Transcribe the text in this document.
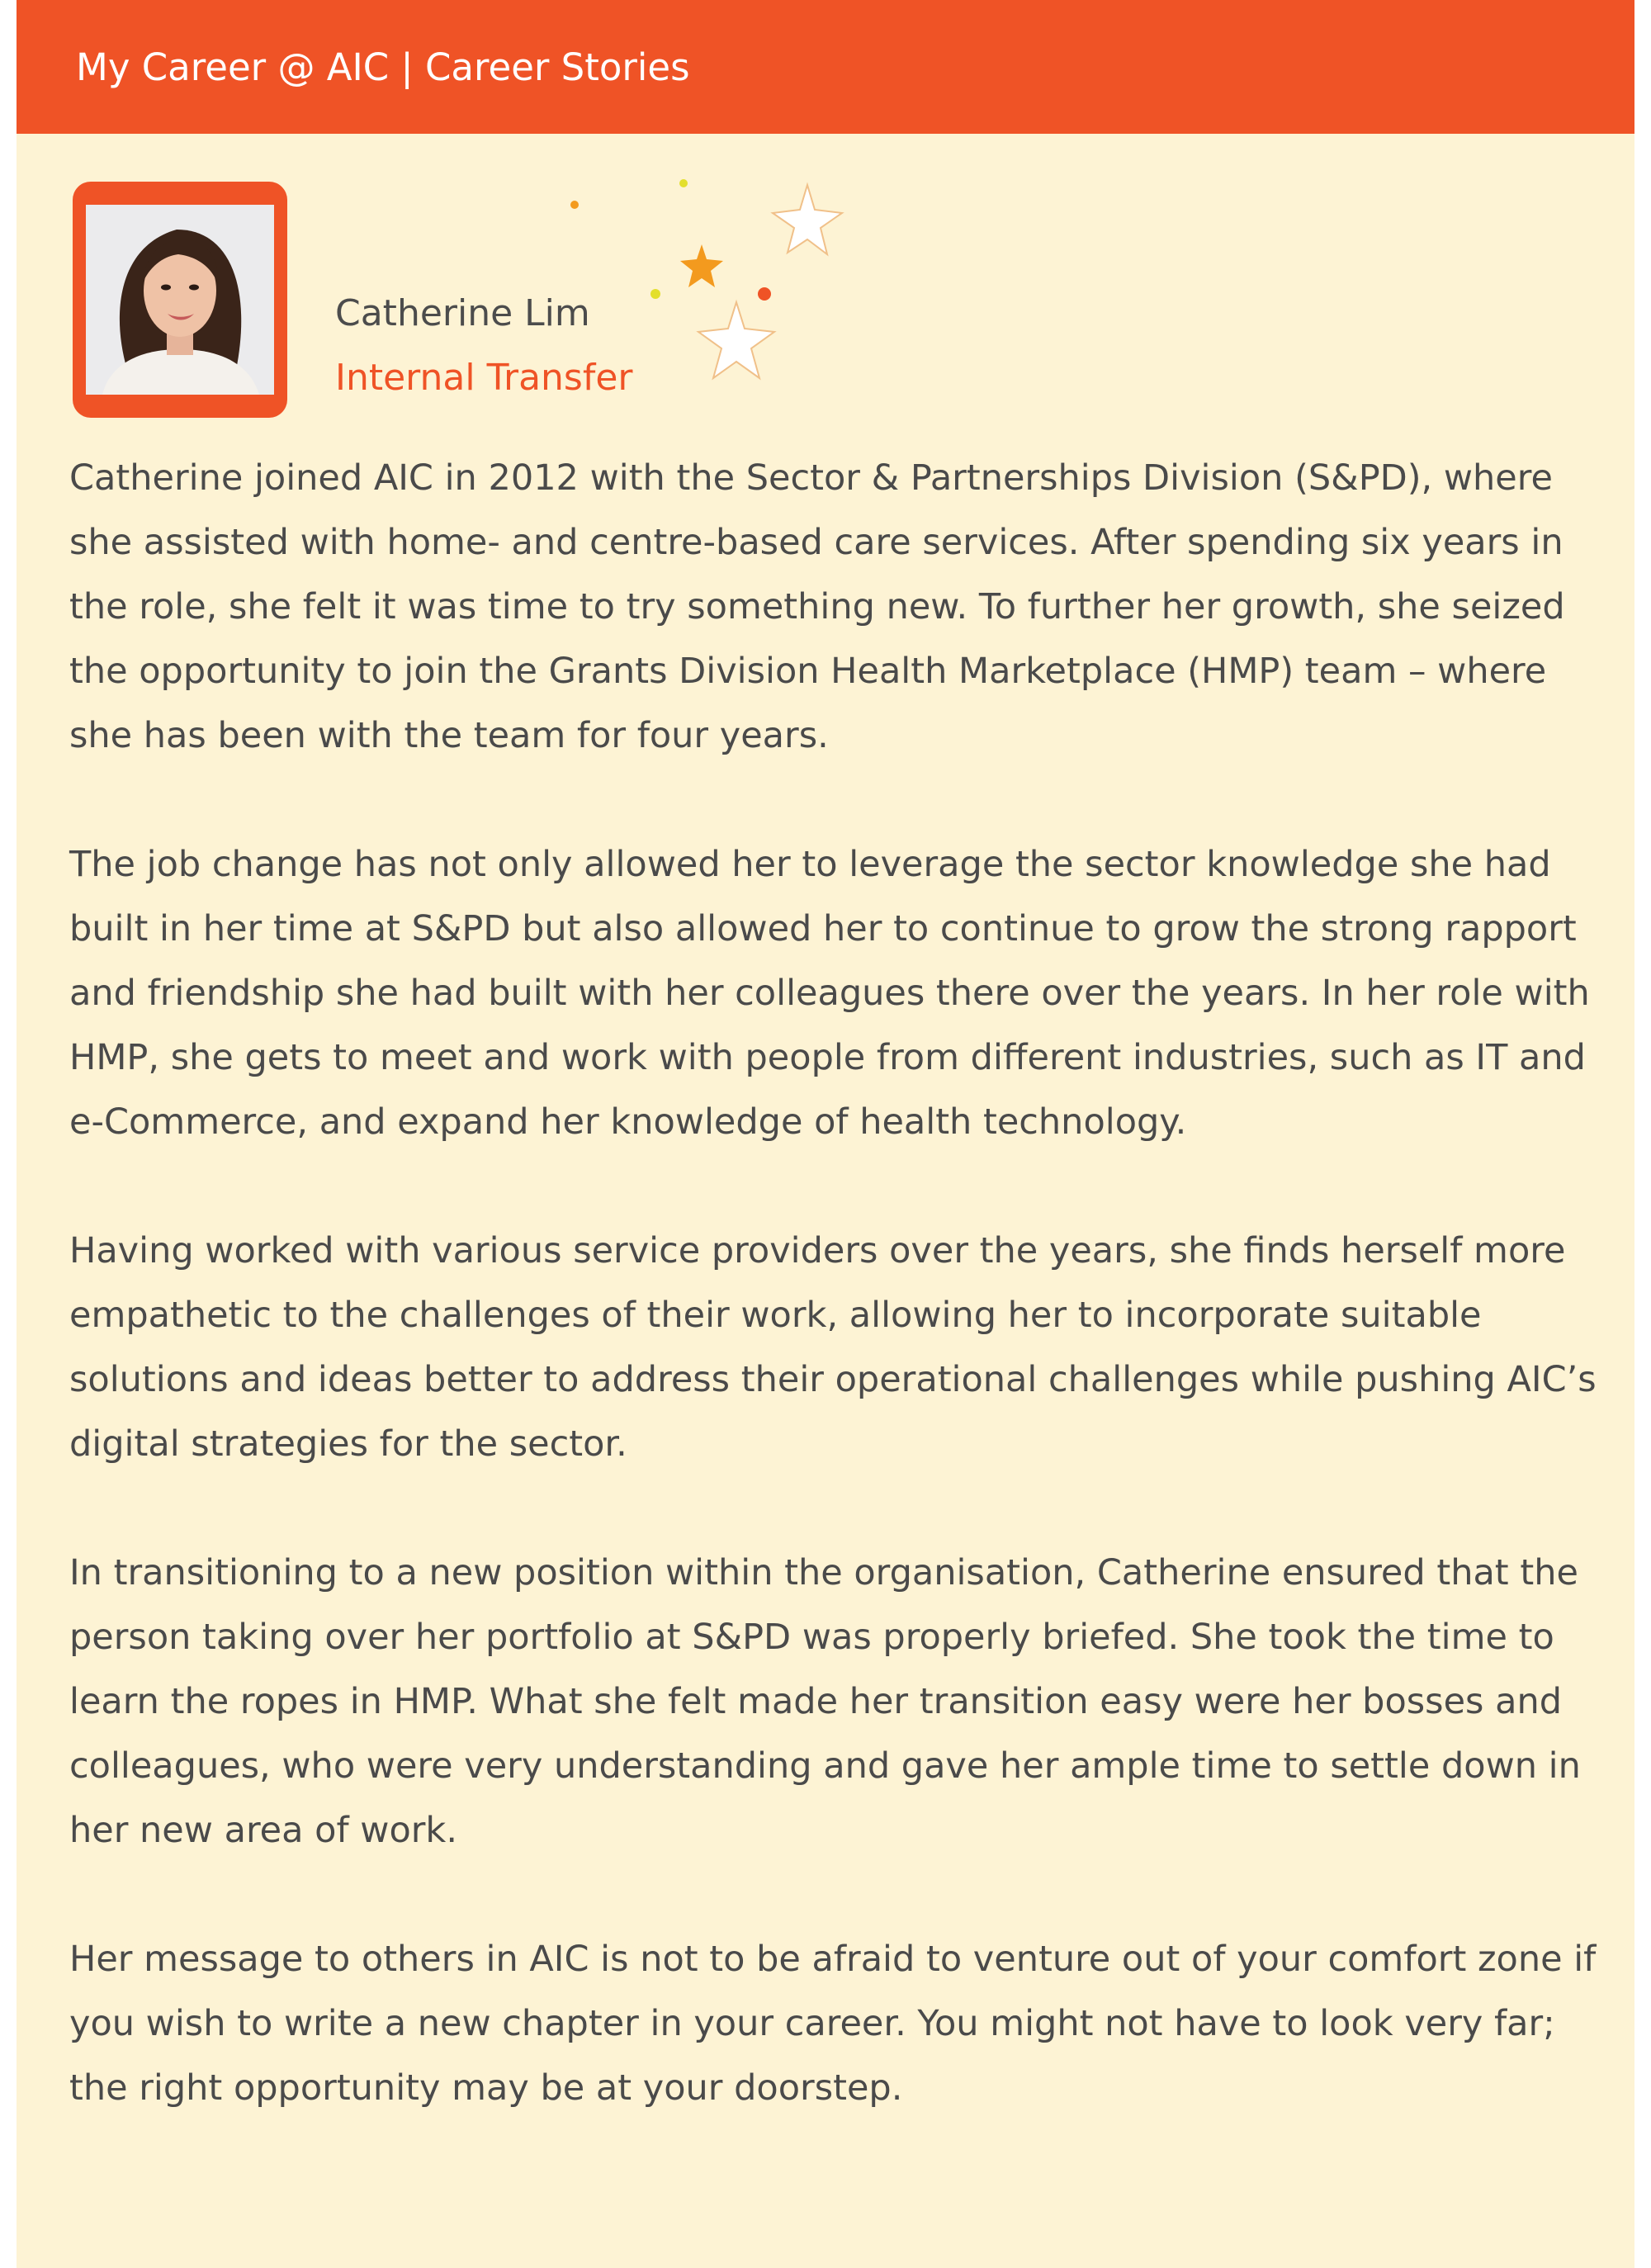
My Career @ AIC | Career Stories
Catherine Lim
Internal Transfer

Catherine joined AIC in 2012 with the Sector & Partnerships Division (S&PD), where she assisted with home- and centre-based care services. After spending six years in the role, she felt it was time to try something new. To further her growth, she seized the opportunity to join the Grants Division Health Marketplace (HMP) team – where she has been with the team for four years.

The job change has not only allowed her to leverage the sector knowledge she had built in her time at S&PD but also allowed her to continue to grow the strong rapport and friendship she had built with her colleagues there over the years. In her role with HMP, she gets to meet and work with people from different industries, such as IT and e-Commerce, and expand her knowledge of health technology.

Having worked with various service providers over the years, she finds herself more empathetic to the challenges of their work, allowing her to incorporate suitable solutions and ideas better to address their operational challenges while pushing AIC’s digital strategies for the sector.

In transitioning to a new position within the organisation, Catherine ensured that the person taking over her portfolio at S&PD was properly briefed. She took the time to learn the ropes in HMP. What she felt made her transition easy were her bosses and colleagues, who were very understanding and gave her ample time to settle down in her new area of work.

Her message to others in AIC is not to be afraid to venture out of your comfort zone if you wish to write a new chapter in your career. You might not have to look very far; the right opportunity may be at your doorstep.
